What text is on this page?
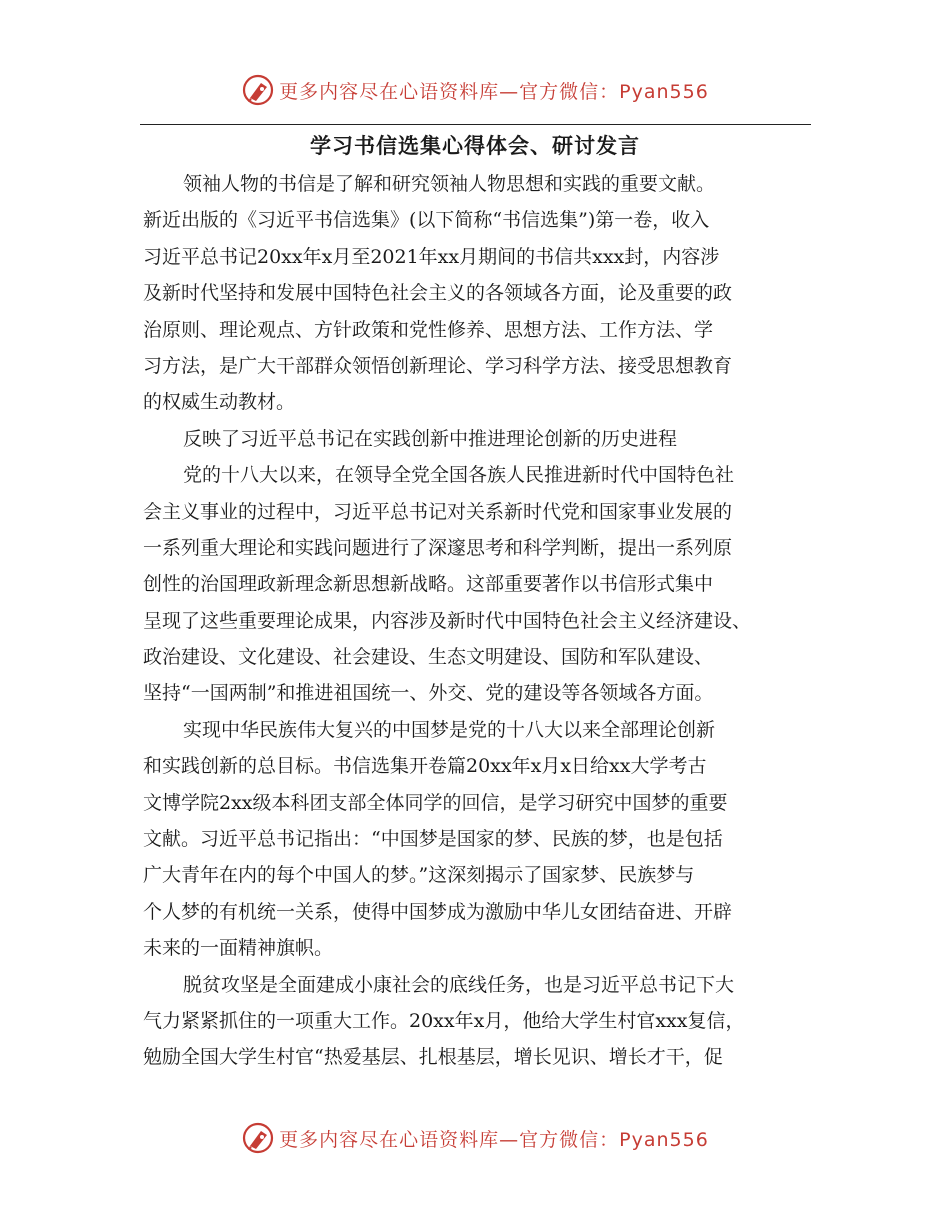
更多内容尽在心语资料库—官方微信：Pyan556
学习书信选集心得体会、研讨发言
领袖人物的书信是了解和研究领袖人物思想和实践的重要文献。
新近出版的《习近平书信选集》(以下简称“书信选集”)第一卷，收入
习近平总书记20xx年x月至2021年xx月期间的书信共xxx封，内容涉
及新时代坚持和发展中国特色社会主义的各领域各方面，论及重要的政
治原则、理论观点、方针政策和党性修养、思想方法、工作方法、学
习方法，是广大干部群众领悟创新理论、学习科学方法、接受思想教育
的权威生动教材。
反映了习近平总书记在实践创新中推进理论创新的历史进程
党的十八大以来，在领导全党全国各族人民推进新时代中国特色社
会主义事业的过程中，习近平总书记对关系新时代党和国家事业发展的
一系列重大理论和实践问题进行了深邃思考和科学判断，提出一系列原
创性的治国理政新理念新思想新战略。这部重要著作以书信形式集中
呈现了这些重要理论成果，内容涉及新时代中国特色社会主义经济建设、
政治建设、文化建设、社会建设、生态文明建设、国防和军队建设、
坚持“一国两制”和推进祖国统一、外交、党的建设等各领域各方面。
实现中华民族伟大复兴的中国梦是党的十八大以来全部理论创新
和实践创新的总目标。书信选集开卷篇20xx年x月x日给xx大学考古
文博学院2xx级本科团支部全体同学的回信，是学习研究中国梦的重要
文献。习近平总书记指出：“中国梦是国家的梦、民族的梦，也是包括
广大青年在内的每个中国人的梦。”这深刻揭示了国家梦、民族梦与
个人梦的有机统一关系，使得中国梦成为激励中华儿女团结奋进、开辟
未来的一面精神旗帜。
脱贫攻坚是全面建成小康社会的底线任务，也是习近平总书记下大
气力紧紧抓住的一项重大工作。20xx年x月，他给大学生村官xxx复信，
勉励全国大学生村官“热爱基层、扎根基层，增长见识、增长才干，促
更多内容尽在心语资料库—官方微信：Pyan556
